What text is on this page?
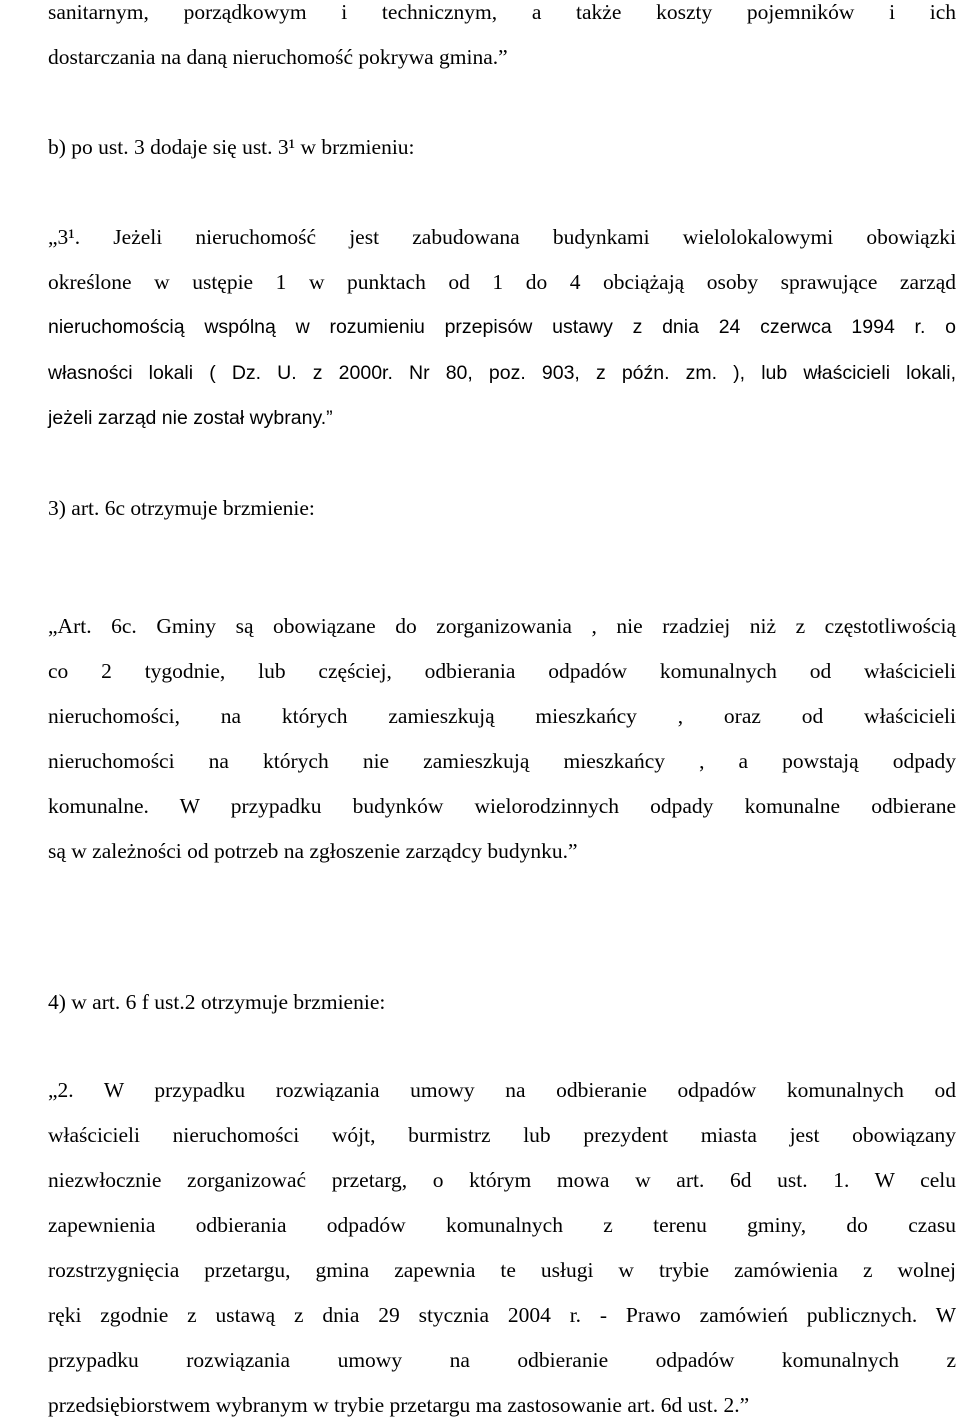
sanitarnym, porządkowym i technicznym, a także koszty pojemników i ich
dostarczania na daną nieruchomość pokrywa gmina.”
b) po ust. 3 dodaje się ust. 3¹ w brzmieniu:
„3¹. Jeżeli nieruchomość jest zabudowana budynkami wielolokalowymi obowiązki
określone w ustępie 1 w punktach od 1 do 4 obciążają osoby sprawujące zarząd
nieruchomością wspólną w rozumieniu przepisów ustawy z dnia 24 czerwca 1994 r. o
własności lokali ( Dz. U. z 2000r. Nr 80, poz. 903, z późn. zm. ), lub właścicieli lokali,
jeżeli zarząd nie został wybrany.”
3) art. 6c otrzymuje brzmienie:
„Art. 6c. Gminy są obowiązane do zorganizowania , nie rzadziej niż z częstotliwością
co 2 tygodnie, lub częściej, odbierania odpadów komunalnych od właścicieli
nieruchomości, na których zamieszkują mieszkańcy , oraz od właścicieli
nieruchomości na których nie zamieszkują mieszkańcy , a powstają odpady
komunalne. W przypadku budynków wielorodzinnych odpady komunalne odbierane
są w zależności od potrzeb na zgłoszenie zarządcy budynku.”
4) w art. 6 f ust.2 otrzymuje brzmienie:
„2. W przypadku rozwiązania umowy na odbieranie odpadów komunalnych od
właścicieli nieruchomości wójt, burmistrz lub prezydent miasta jest obowiązany
niezwłocznie zorganizować przetarg, o którym mowa w art. 6d ust. 1. W celu
zapewnienia odbierania odpadów komunalnych z terenu gminy, do czasu
rozstrzygnięcia przetargu, gmina zapewnia te usługi w trybie zamówienia z wolnej
ręki zgodnie z ustawą z dnia 29 stycznia 2004 r. - Prawo zamówień publicznych. W
przypadku rozwiązania umowy na odbieranie odpadów komunalnych z
przedsiębiorstwem wybranym w trybie przetargu ma zastosowanie art. 6d ust. 2.”
